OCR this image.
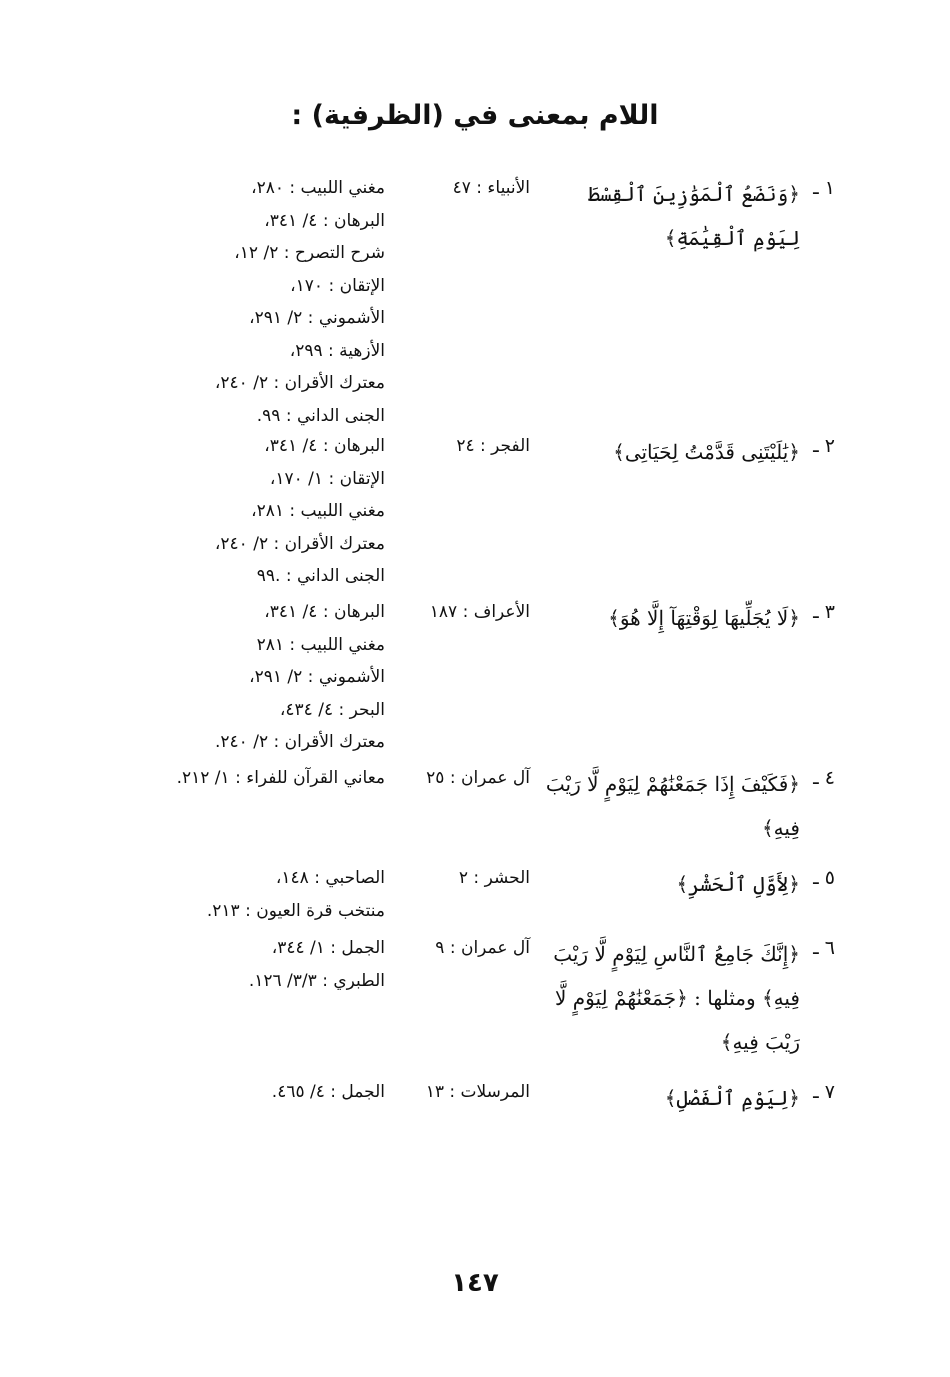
اللام بمعنى في (الظرفية) :
١ ـ
﴿وَنَضَعُ ٱلْمَوَٰزِينَ ٱلْقِسْطَ لِيَوْمِ ٱلْقِيَٰمَةِ﴾
الأنبياء : ٤٧
مغني اللبيب : ٢٨٠،
البرهان : ٤/ ٣٤١،
شرح التصرح : ٢/ ١٢،
الإتقان : ١٧٠،
الأشموني : ٢/ ٢٩١،
الأزهية : ٢٩٩،
معترك الأقران : ٢/ ٢٤٠،
الجنى الداني : ٩٩.
٢ ـ
﴿يَٰلَيْتَنِى قَدَّمْتُ لِحَيَاتِى﴾
الفجر : ٢٤
البرهان : ٤/ ٣٤١،
الإتقان : ١/ ١٧٠،
مغني اللبيب : ٢٨١،
معترك الأقران : ٢/ ٢٤٠،
الجنى الداني : .٩٩
٣ ـ
﴿لَا يُجَلِّيهَا لِوَقْتِهَآ إِلَّا هُوَ﴾
الأعراف : ١٨٧
البرهان : ٤/ ٣٤١،
مغني اللبيب : ٢٨١
الأشموني : ٢/ ٢٩١،
البحر : ٤/ ٤٣٤،
معترك الأقران : ٢/ ٢٤٠.
٤ ـ
﴿فَكَيْفَ إِذَا جَمَعْنَٰهُمْ لِيَوْمٍ لَّا رَيْبَ فِيهِ﴾
آل عمران : ٢٥
معاني القرآن للفراء : ١/ ٢١٢.
٥ ـ
﴿لِأَوَّلِ ٱلْحَشْرِ﴾
الحشر : ٢
الصاحبي : ١٤٨،
منتخب قرة العيون : ٢١٣.
٦ ـ
﴿إِنَّكَ جَامِعُ ٱلنَّاسِ لِيَوْمٍ لَّا رَيْبَ فِيهِ﴾ ومثلها : ﴿جَمَعْنَٰهُمْ لِيَوْمٍ لَّا رَيْبَ فِيهِ﴾
آل عمران : ٩
الجمل : ١/ ٣٤٤،
الطبري : ٣/٣/ ١٢٦.
٧ ـ
﴿لِيَوْمِ ٱلْفَصْلِ﴾
المرسلات : ١٣
الجمل : ٤/ ٤٦٥.
١٤٧
